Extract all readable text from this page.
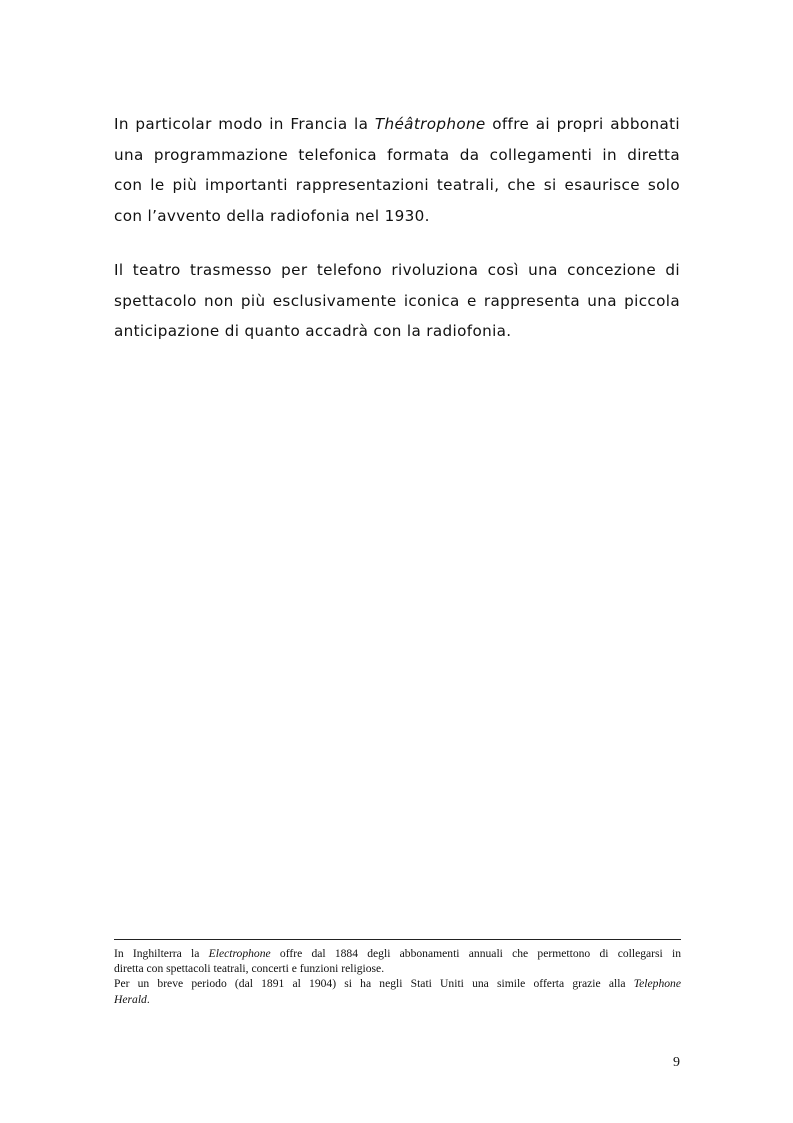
In particolar modo in Francia la Théâtrophone offre ai propri abbonati
una programmazione telefonica formata da collegamenti in diretta
con le più importanti rappresentazioni teatrali, che si esaurisce solo
con l’avvento della radiofonia nel 1930.

Il teatro trasmesso per telefono rivoluziona così una concezione di
spettacolo non più esclusivamente iconica e rappresenta una piccola
anticipazione di quanto accadrà con la radiofonia.

In Inghilterra la Electrophone offre dal 1884 degli abbonamenti annuali che permettono di collegarsi in
diretta con spettacoli teatrali, concerti e funzioni religiose.
Per un breve periodo (dal 1891 al 1904) si ha negli Stati Uniti una simile offerta grazie alla Telephone
Herald.
9
